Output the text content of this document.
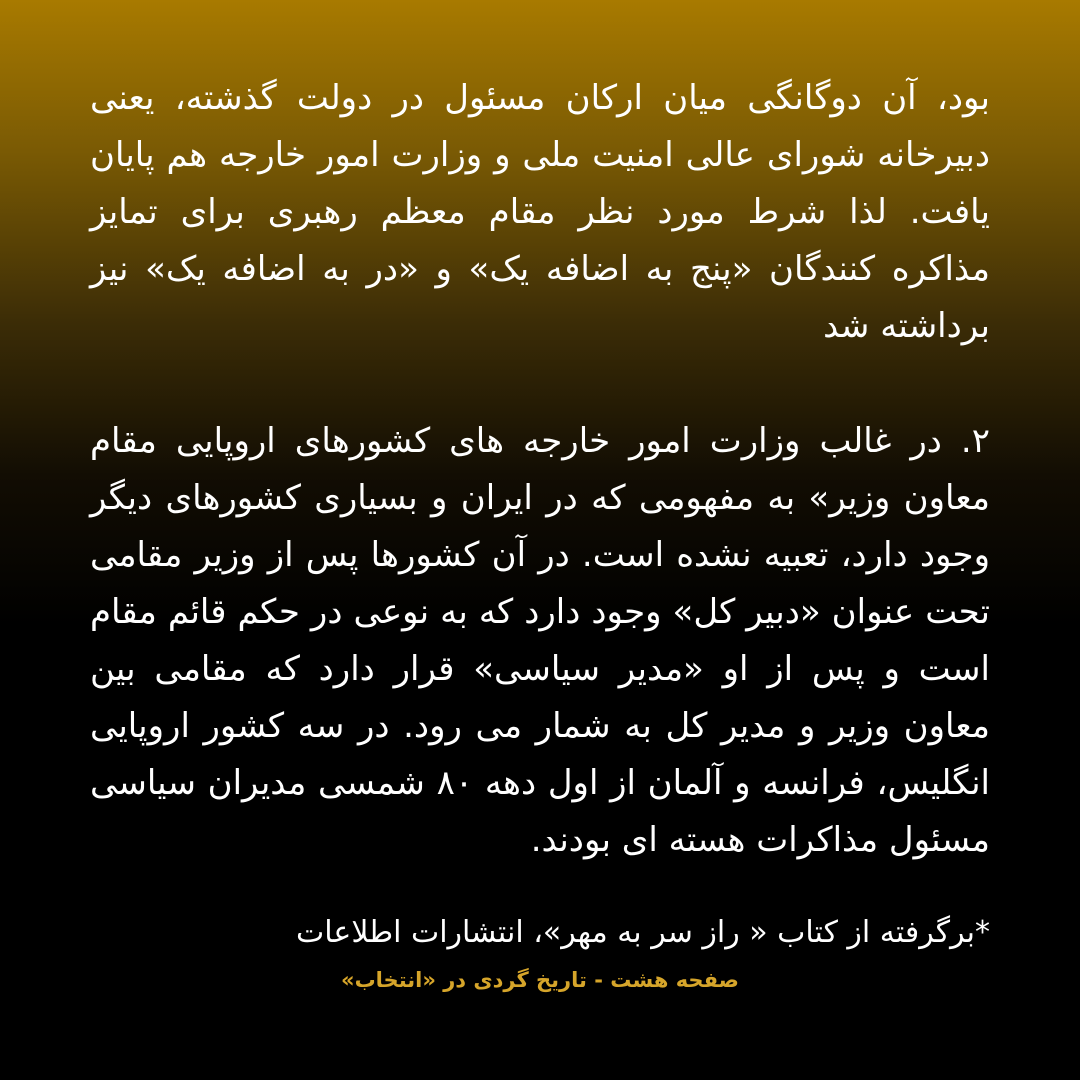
بود، آن دوگانگی میان ارکان مسئول در دولت گذشته، یعنی دبیرخانه شورای عالی امنیت ملی و وزارت امور خارجه هم پایان یافت. لذا شرط مورد نظر مقام معظم رهبری برای تمایز مذاکره کنندگان «پنج به اضافه یک» و «در به اضافه یک» نیز برداشته شد

۲. در غالب وزارت امور خارجه های کشورهای اروپایی مقام معاون وزیر» به مفهومی که در ایران و بسیاری کشورهای دیگر وجود دارد، تعبیه نشده است. در آن کشورها پس از وزیر مقامی تحت عنوان «دبیر کل» وجود دارد که به نوعی در حکم قائم مقام است و پس از او «مدیر سیاسی» قرار دارد که مقامی بین معاون وزیر و مدیر کل به شمار می رود. در سه کشور اروپایی انگلیس، فرانسه و آلمان از اول دهه ۸۰ شمسی مدیران سیاسی مسئول مذاکرات هسته ای بودند.

*برگرفته از کتاب « راز سر به مهر»، انتشارات اطلاعات

صفحه هشت - تاریخ گردی در «انتخاب»
